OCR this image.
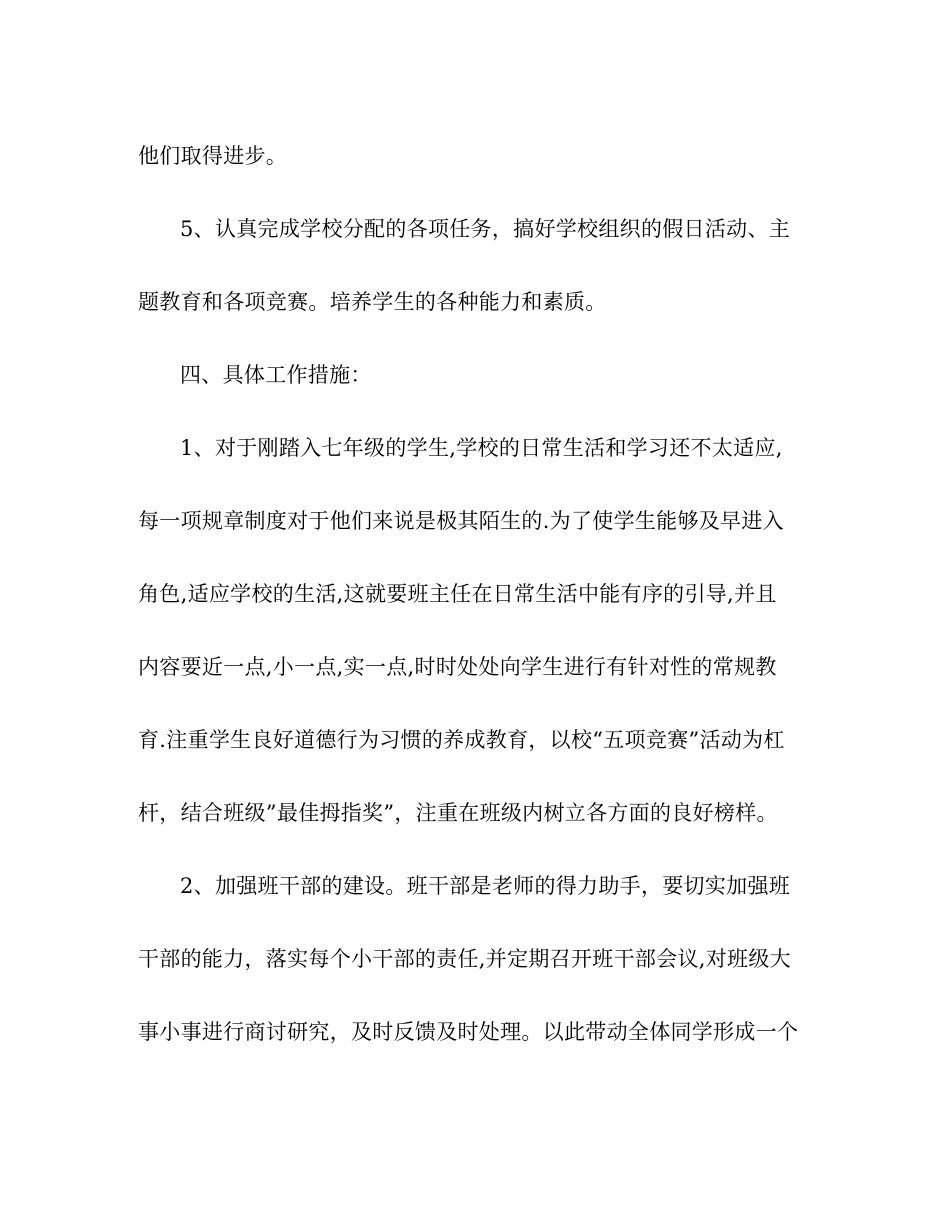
他们取得进步。
5、认真完成学校分配的各项任务，搞好学校组织的假日活动、主
题教育和各项竞赛。培养学生的各种能力和素质。
四、具体工作措施：
1、对于刚踏入七年级的学生,学校的日常生活和学习还不太适应,
每一项规章制度对于他们来说是极其陌生的.为了使学生能够及早进入
角色,适应学校的生活,这就要班主任在日常生活中能有序的引导,并且
内容要近一点,小一点,实一点,时时处处向学生进行有针对性的常规教
育.注重学生良好道德行为习惯的养成教育，以校“五项竞赛”活动为杠
杆，结合班级”最佳拇指奖”，注重在班级内树立各方面的良好榜样。
2、加强班干部的建设。班干部是老师的得力助手，要切实加强班
干部的能力，落实每个小干部的责任,并定期召开班干部会议,对班级大
事小事进行商讨研究，及时反馈及时处理。以此带动全体同学形成一个
